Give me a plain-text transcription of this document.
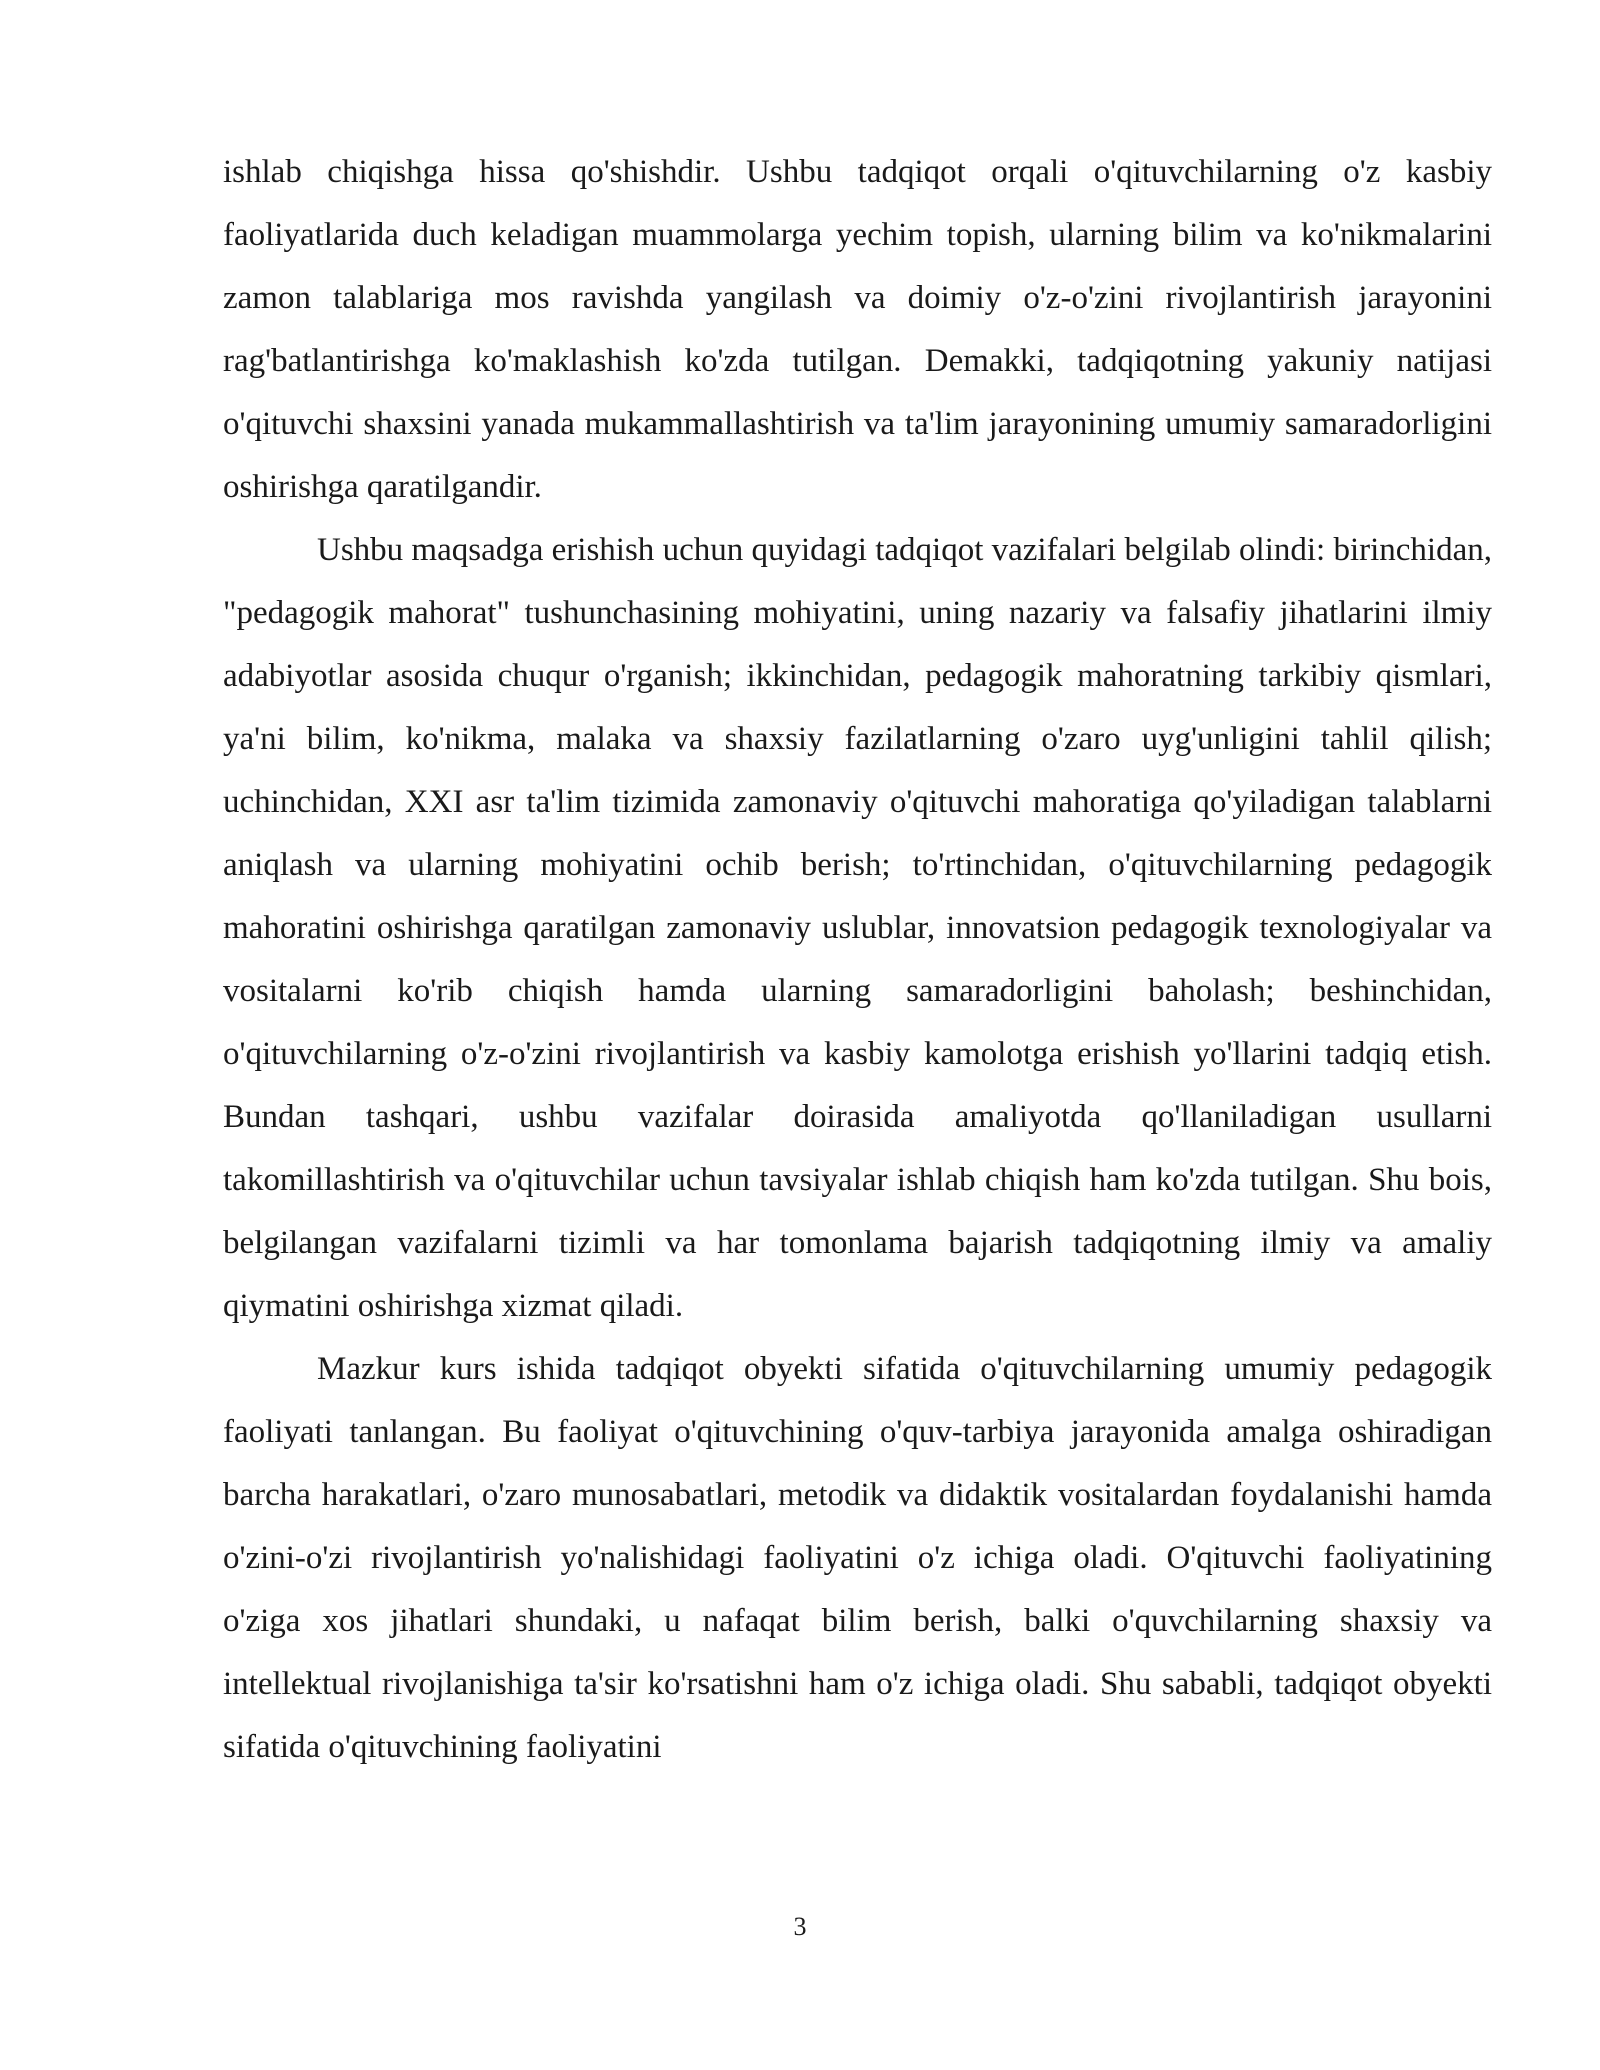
ishlab chiqishga hissa qo'shishdir. Ushbu tadqiqot orqali o'qituvchilarning o'z kasbiy faoliyatlarida duch keladigan muammolarga yechim topish, ularning bilim va ko'nikmalarini zamon talablariga mos ravishda yangilash va doimiy o'z-o'zini rivojlantirish jarayonini rag'batlantirishga ko'maklashish ko'zda tutilgan. Demakki, tadqiqotning yakuniy natijasi o'qituvchi shaxsini yanada mukammallashtirish va ta'lim jarayonining umumiy samaradorligini oshirishga qaratilgandir.

Ushbu maqsadga erishish uchun quyidagi tadqiqot vazifalari belgilab olindi: birinchidan, "pedagogik mahorat" tushunchasining mohiyatini, uning nazariy va falsafiy jihatlarini ilmiy adabiyotlar asosida chuqur o'rganish; ikkinchidan, pedagogik mahoratning tarkibiy qismlari, ya'ni bilim, ko'nikma, malaka va shaxsiy fazilatlarning o'zaro uyg'unligini tahlil qilish; uchinchidan, XXI asr ta'lim tizimida zamonaviy o'qituvchi mahoratiga qo'yiladigan talablarni aniqlash va ularning mohiyatini ochib berish; to'rtinchidan, o'qituvchilarning pedagogik mahoratini oshirishga qaratilgan zamonaviy uslublar, innovatsion pedagogik texnologiyalar va vositalarni ko'rib chiqish hamda ularning samaradorligini baholash; beshinchidan, o'qituvchilarning o'z-o'zini rivojlantirish va kasbiy kamolotga erishish yo'llarini tadqiq etish. Bundan tashqari, ushbu vazifalar doirasida amaliyotda qo'llaniladigan usullarni takomillashtirish va o'qituvchilar uchun tavsiyalar ishlab chiqish ham ko'zda tutilgan. Shu bois, belgilangan vazifalarni tizimli va har tomonlama bajarish tadqiqotning ilmiy va amaliy qiymatini oshirishga xizmat qiladi.

Mazkur kurs ishida tadqiqot obyekti sifatida o'qituvchilarning umumiy pedagogik faoliyati tanlangan. Bu faoliyat o'qituvchining o'quv-tarbiya jarayonida amalga oshiradigan barcha harakatlari, o'zaro munosabatlari, metodik va didaktik vositalardan foydalanishi hamda o'zini-o'zi rivojlantirish yo'nalishidagi faoliyatini o'z ichiga oladi. O'qituvchi faoliyatining o'ziga xos jihatlari shundaki, u nafaqat bilim berish, balki o'quvchilarning shaxsiy va intellektual rivojlanishiga ta'sir ko'rsatishni ham o'z ichiga oladi. Shu sababli, tadqiqot obyekti sifatida o'qituvchining faoliyatini

3
